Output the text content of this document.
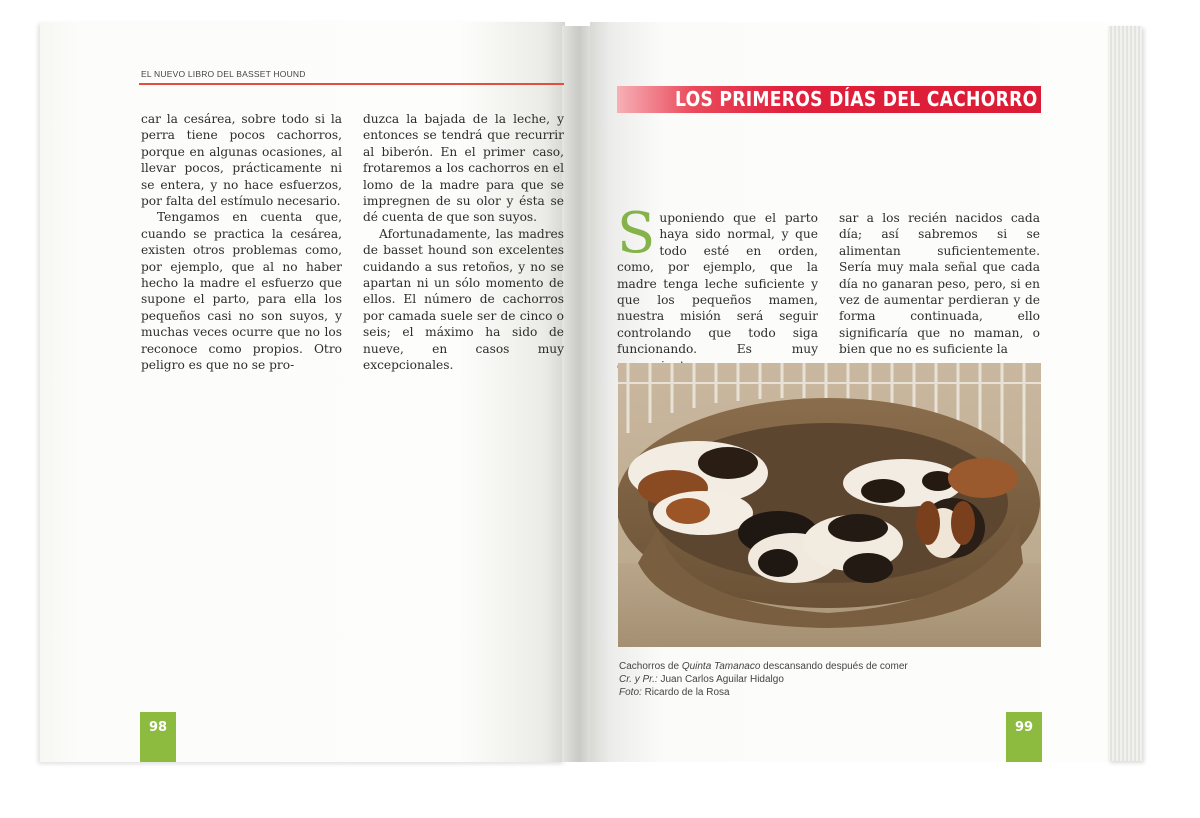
EL NUEVO LIBRO DEL BASSET HOUND

car la cesárea, sobre todo si la perra tiene pocos cachorros, porque en algunas ocasiones, al llevar pocos, prácticamente ni se entera, y no hace esfuerzos, por falta del estímulo necesario.

Tengamos en cuenta que, cuando se practica la cesárea, existen otros problemas como, por ejemplo, que al no haber hecho la madre el esfuerzo que supone el parto, para ella los pequeños casi no son suyos, y muchas veces ocurre que no los reconoce como propios. Otro peligro es que no se pro-

duzca la bajada de la leche, y entonces se tendrá que recurrir al biberón. En el primer caso, frotaremos a los cachorros en el lomo de la madre para que se impregnen de su olor y ésta se dé cuenta de que son suyos.

Afortunadamente, las madres de basset hound son excelentes cuidando a sus retoños, y no se apartan ni un sólo momento de ellos. El número de cachorros por camada suele ser de cinco o seis; el máximo ha sido de nueve, en casos muy excepcionales.

98
LOS PRIMEROS DÍAS DEL CACHORRO

Suponiendo que el parto haya sido normal, y que todo esté en orden, como, por ejemplo, que la madre tenga leche suficiente y que los pequeños mamen, nuestra misión será seguir controlando que todo siga funcionando. Es muy

sar a los recién nacidos cada día; así sabremos si se alimentan suficientemente. Sería muy mala señal que cada día no ganaran peso, pero, si en vez de aumentar perdieran y de forma continuada, ello significaría que no maman, o bien que no es suficiente la

Cachorros de Quinta Tamanaco descansando después de comer
Cr. y Pr.: Juan Carlos Aguilar Hidalgo
Foto: Ricardo de la Rosa
99
